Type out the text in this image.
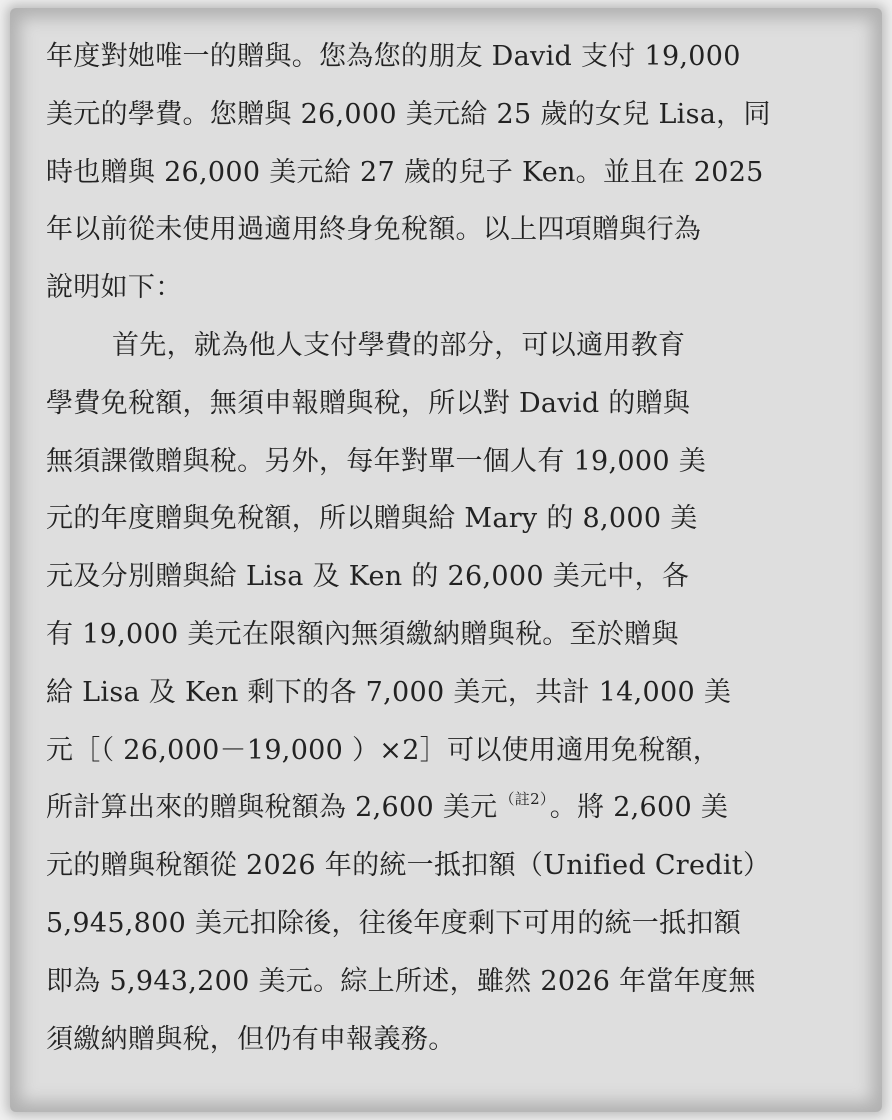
年度對她唯一的贈與。您為您的朋友 David 支付 19,000
美元的學費。您贈與 26,000 美元給 25 歲的女兒 Lisa，同
時也贈與 26,000 美元給 27 歲的兒子 Ken。並且在 2025
年以前從未使用過適用終身免稅額。以上四項贈與行為
說明如下：
首先，就為他人支付學費的部分，可以適用教育
學費免稅額，無須申報贈與稅，所以對 David 的贈與
無須課徵贈與稅。另外，每年對單一個人有 19,000 美
元的年度贈與免稅額，所以贈與給 Mary 的 8,000 美
元及分別贈與給 Lisa 及 Ken 的 26,000 美元中，各
有 19,000 美元在限額內無須繳納贈與稅。至於贈與
給 Lisa 及 Ken 剩下的各 7,000 美元，共計 14,000 美
元［（ 26,000－19,000 ）×2］可以使用適用免稅額，
所計算出來的贈與稅額為 2,600 美元 $^{(註2)}$。將 2,600 美
元的贈與稅額從 2026 年的統一抵扣額（Unified Credit）
5,945,800 美元扣除後，往後年度剩下可用的統一抵扣額
即為 5,943,200 美元。綜上所述，雖然 2026 年當年度無
須繳納贈與稅，但仍有申報義務。
